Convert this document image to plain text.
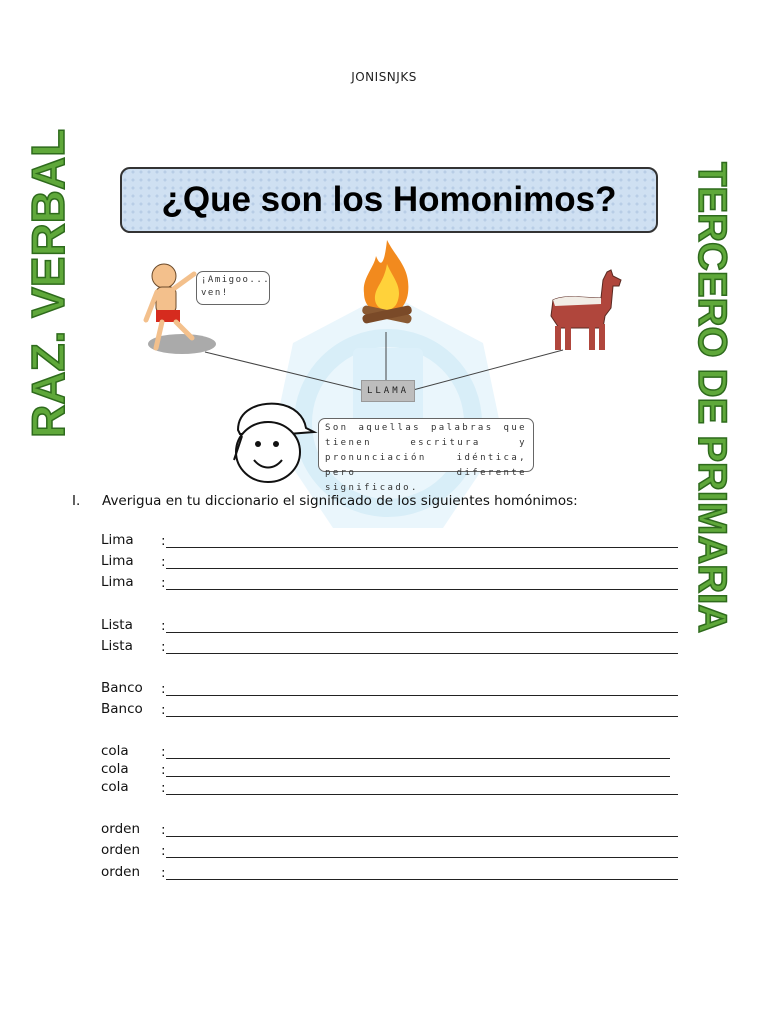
JONISNJKS
RAZ. VERBAL	TERCERO DE PRIMARIA
¿Que son los Homonimos?
¡Amigoo... ven!
LLAMA
Son aquellas palabras que tienen escritura y pronunciación idéntica, pero diferente significado.
I. Averigua en tu diccionario el significado de los siguientes homónimos:
Lima	:
Lima	:
Lima	:
Lista	:
Lista	:
Banco	:
Banco	:
cola	:
cola	:
cola	:
orden	:
orden	:
orden	:
